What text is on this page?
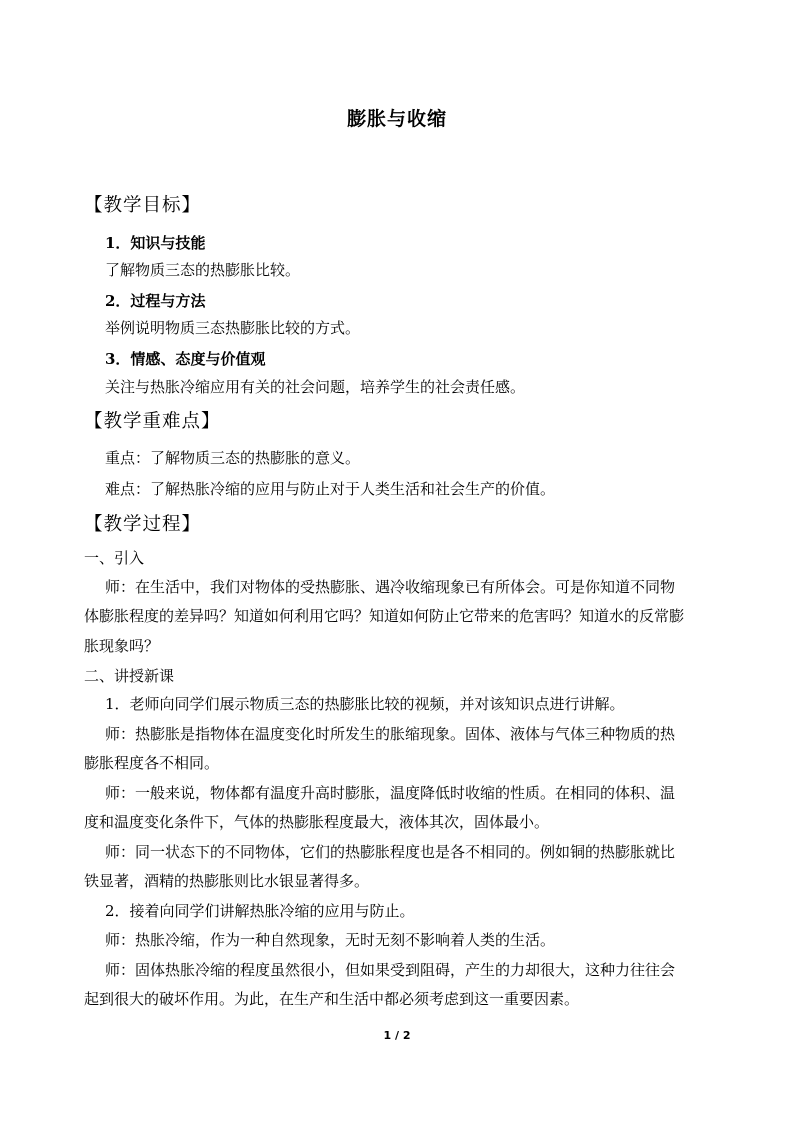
膨胀与收缩
【教学目标】
1．知识与技能
了解物质三态的热膨胀比较。
2．过程与方法
举例说明物质三态热膨胀比较的方式。
3．情感、态度与价值观
关注与热胀冷缩应用有关的社会问题，培养学生的社会责任感。
【教学重难点】
重点：了解物质三态的热膨胀的意义。
难点：了解热胀冷缩的应用与防止对于人类生活和社会生产的价值。
【教学过程】
一、引入
师：在生活中，我们对物体的受热膨胀、遇冷收缩现象已有所体会。可是你知道不同物
体膨胀程度的差异吗？知道如何利用它吗？知道如何防止它带来的危害吗？知道水的反常膨
胀现象吗？
二、讲授新课
1．老师向同学们展示物质三态的热膨胀比较的视频，并对该知识点进行讲解。
师：热膨胀是指物体在温度变化时所发生的胀缩现象。固体、液体与气体三种物质的热
膨胀程度各不相同。
师：一般来说，物体都有温度升高时膨胀，温度降低时收缩的性质。在相同的体积、温
度和温度变化条件下，气体的热膨胀程度最大，液体其次，固体最小。
师：同一状态下的不同物体，它们的热膨胀程度也是各不相同的。例如铜的热膨胀就比
铁显著，酒精的热膨胀则比水银显著得多。
2．接着向同学们讲解热胀冷缩的应用与防止。
师：热胀冷缩，作为一种自然现象，无时无刻不影响着人类的生活。
师：固体热胀冷缩的程度虽然很小，但如果受到阻碍，产生的力却很大，这种力往往会
起到很大的破坏作用。为此，在生产和生活中都必须考虑到这一重要因素。
1 / 2
